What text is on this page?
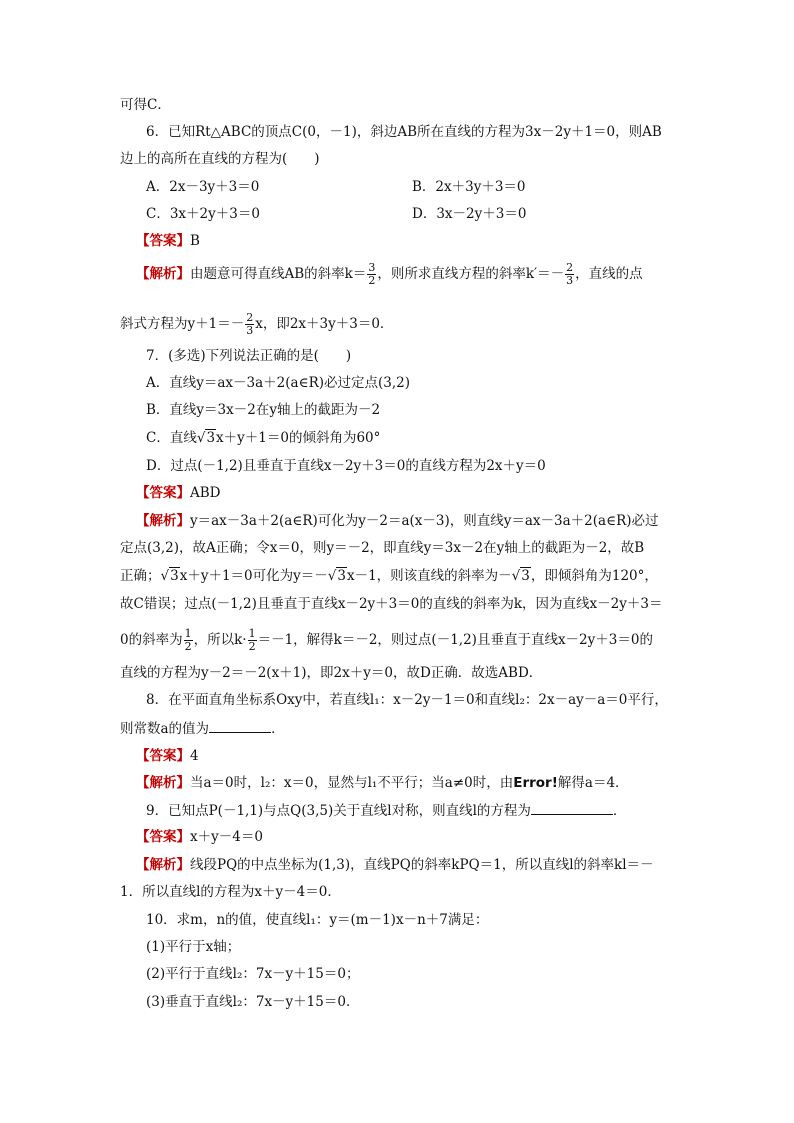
可得C．
6．已知Rt△ABC的顶点C(0，－1)，斜边AB所在直线的方程为3x－2y＋1＝0，则AB
边上的高所在直线的方程为(　　)
A．2x－3y＋3＝0	B．2x＋3y＋3＝0
C．3x＋2y＋3＝0	D．3x－2y＋3＝0
【答案】B
【解析】由题意可得直线AB的斜率$k= \frac{3}{2}$ ，则所求直线方程的斜率$k'=- \frac{2}{3}$ ，直线的点
斜式方程为$y+1=- \frac{2}{3}$ x，即2x＋3y＋3＝0．
7．(多选)下列说法正确的是(　　)
A．直线y＝ax－3a＋2(a∈R)必过定点(3,2)
B．直线y＝3x－2在y轴上的截距为－2
C．直线√3x＋y＋1＝0的倾斜角为60°
D．过点(－1,2)且垂直于直线x－2y＋3＝0的直线方程为2x＋y＝0
【答案】ABD
【解析】y＝ax－3a＋2(a∈R)可化为y－2＝a(x－3)，则直线y＝ax－3a＋2(a∈R)必过
定点(3,2)，故A正确；令x＝0，则y＝－2，即直线y＝3x－2在y轴上的截距为－2，故B
正确；√3x＋y＋1＝0可化为y＝－√3x－1，则该直线的斜率为－√3，即倾斜角为120°，
故C错误；过点(－1,2)且垂直于直线x－2y＋3＝0的直线的斜率为k，因为直线x－2y＋3＝
0的斜率为 $\frac{1}{2}$ ，所以$k\cdot \frac{1}{2} =-1$，解得k＝－2，则过点(－1,2)且垂直于直线x－2y＋3＝0的
直线的方程为y－2＝－2(x＋1)，即2x＋y＝0，故D正确．故选ABD．
8．在平面直角坐标系Oxy中，若直线l₁：x－2y－1＝0和直线l₂：2x－ay－a＝0平行，
则常数a的值为	．
【答案】4
【解析】当a＝0时，l₂：x＝0，显然与l₁不平行；当a≠0时，由Error!解得a＝4．
9．已知点P(－1,1)与点Q(3,5)关于直线l对称，则直线l的方程为	．
【答案】x＋y－4＝0
【解析】线段PQ的中点坐标为(1,3)，直线PQ的斜率kPQ＝1，所以直线l的斜率kl＝－
1．所以直线l的方程为x＋y－4＝0．
10．求m，n的值，使直线l₁：y＝(m－1)x－n＋7满足：
(1)平行于x轴；
(2)平行于直线l₂：7x－y＋15＝0；
(3)垂直于直线l₂：7x－y＋15＝0．
